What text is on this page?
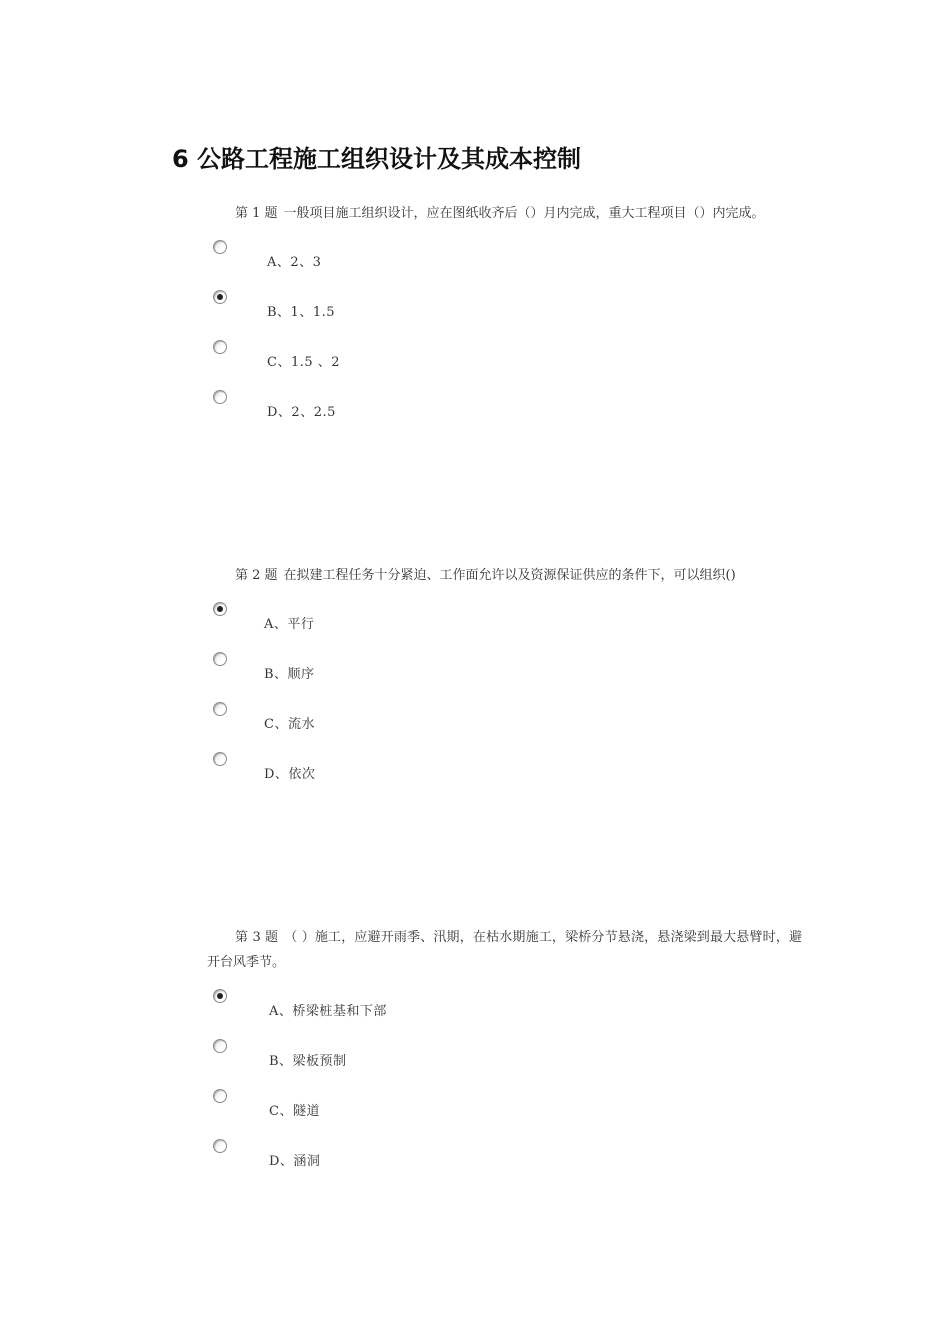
6 公路工程施工组织设计及其成本控制

第 1 题 一般项目施工组织设计，应在图纸收齐后（）月内完成，重大工程项目（）内完成。

A、2、3
B、1、1.5
C、1.5 、2
D、2、2.5

第 2 题 在拟建工程任务十分紧迫、工作面允许以及资源保证供应的条件下，可以组织()

A、平行
B、顺序
C、流水
D、依次

第 3 题 （ ）施工，应避开雨季、汛期，在枯水期施工，梁桥分节悬浇，悬浇梁到最大悬臂时，避开台风季节。

A、桥梁桩基和下部
B、梁板预制
C、隧道
D、涵洞
